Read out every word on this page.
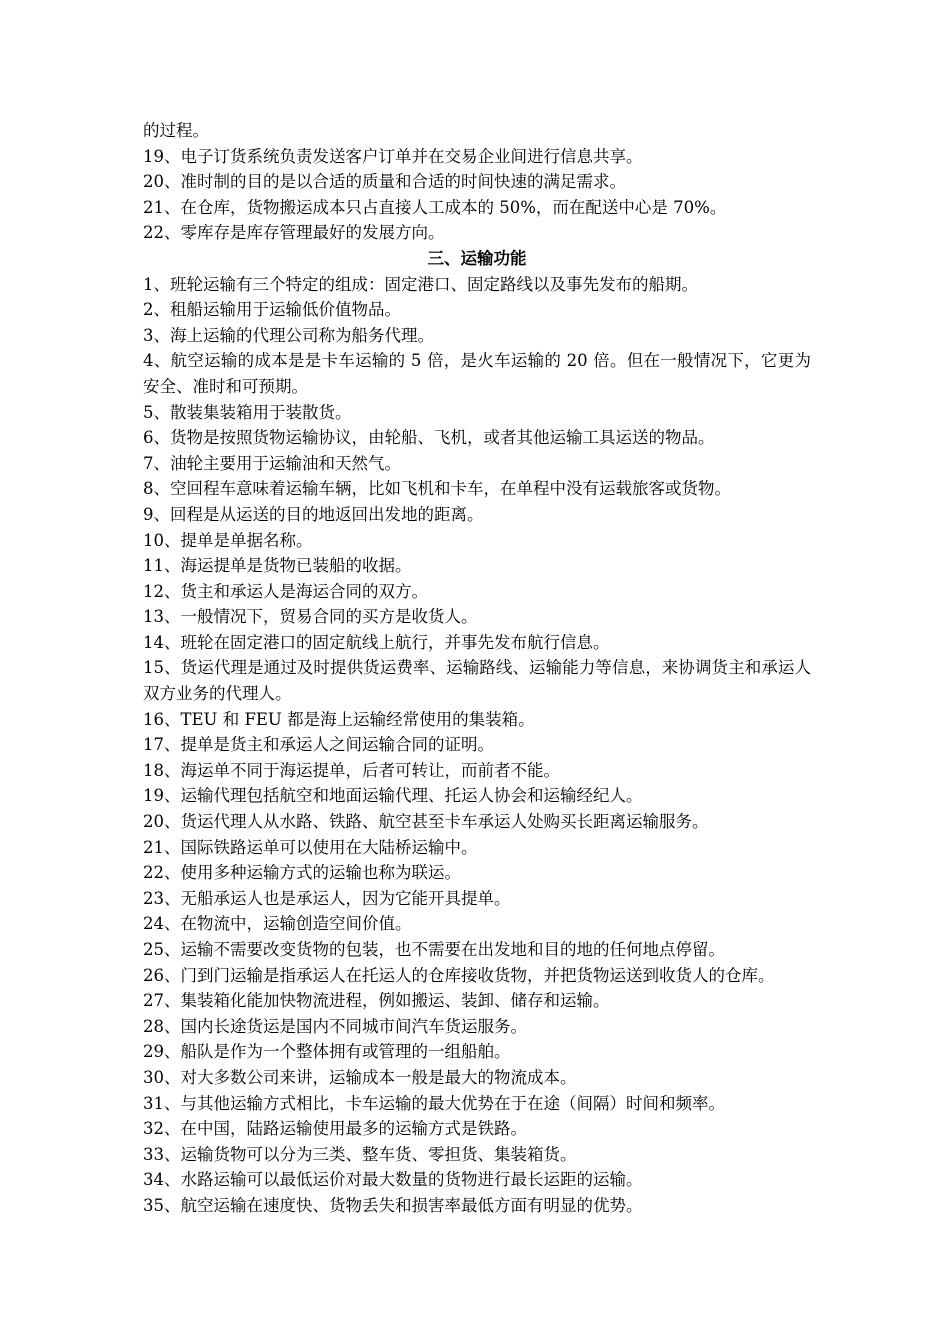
的过程。
19、电子订货系统负责发送客户订单并在交易企业间进行信息共享。
20、准时制的目的是以合适的质量和合适的时间快速的满足需求。
21、在仓库，货物搬运成本只占直接人工成本的 50%，而在配送中心是 70%。
22、零库存是库存管理最好的发展方向。
三、运输功能
1、班轮运输有三个特定的组成：固定港口、固定路线以及事先发布的船期。
2、租船运输用于运输低价值物品。
3、海上运输的代理公司称为船务代理。
4、航空运输的成本是是卡车运输的 5 倍，是火车运输的 20 倍。但在一般情况下，它更为安全、准时和可预期。
5、散装集装箱用于装散货。
6、货物是按照货物运输协议，由轮船、飞机，或者其他运输工具运送的物品。
7、油轮主要用于运输油和天然气。
8、空回程车意味着运输车辆，比如飞机和卡车，在单程中没有运载旅客或货物。
9、回程是从运送的目的地返回出发地的距离。
10、提单是单据名称。
11、海运提单是货物已装船的收据。
12、货主和承运人是海运合同的双方。
13、一般情况下，贸易合同的买方是收货人。
14、班轮在固定港口的固定航线上航行，并事先发布航行信息。
15、货运代理是通过及时提供货运费率、运输路线、运输能力等信息，来协调货主和承运人双方业务的代理人。
16、TEU 和 FEU 都是海上运输经常使用的集装箱。
17、提单是货主和承运人之间运输合同的证明。
18、海运单不同于海运提单，后者可转让，而前者不能。
19、运输代理包括航空和地面运输代理、托运人协会和运输经纪人。
20、货运代理人从水路、铁路、航空甚至卡车承运人处购买长距离运输服务。
21、国际铁路运单可以使用在大陆桥运输中。
22、使用多种运输方式的运输也称为联运。
23、无船承运人也是承运人，因为它能开具提单。
24、在物流中，运输创造空间价值。
25、运输不需要改变货物的包装，也不需要在出发地和目的地的任何地点停留。
26、门到门运输是指承运人在托运人的仓库接收货物，并把货物运送到收货人的仓库。
27、集装箱化能加快物流进程，例如搬运、装卸、储存和运输。
28、国内长途货运是国内不同城市间汽车货运服务。
29、船队是作为一个整体拥有或管理的一组船舶。
30、对大多数公司来讲，运输成本一般是最大的物流成本。
31、与其他运输方式相比，卡车运输的最大优势在于在途（间隔）时间和频率。
32、在中国，陆路运输使用最多的运输方式是铁路。
33、运输货物可以分为三类、整车货、零担货、集装箱货。
34、水路运输可以最低运价对最大数量的货物进行最长运距的运输。
35、航空运输在速度快、货物丢失和损害率最低方面有明显的优势。
